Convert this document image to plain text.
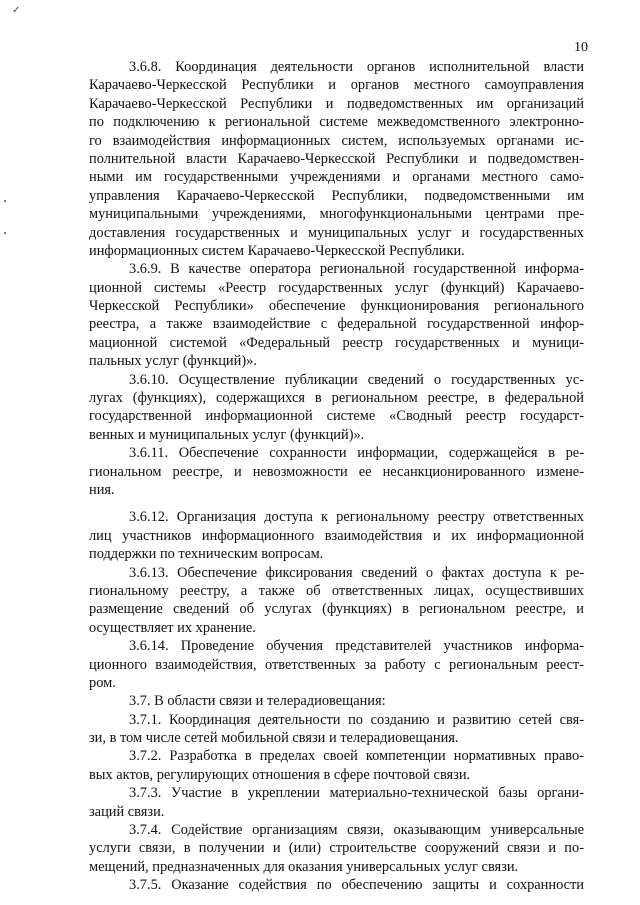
✓
10
3.6.8. Координация деятельности органов исполнительной власти
Карачаево-Черкесской Республики и органов местного самоуправления
Карачаево-Черкесской Республики и подведомственных им организаций
по подключению к региональной системе межведомственного электронно-
го взаимодействия информационных систем, используемых органами ис-
полнительной власти Карачаево-Черкесской Республики и подведомствен-
ными им государственными учреждениями и органами местного само-
управления Карачаево-Черкесской Республики, подведомственными им
муниципальными учреждениями, многофункциональными центрами пре-
доставления государственных и муниципальных услуг и государственных
информационных систем Карачаево-Черкесской Республики.
3.6.9. В качестве оператора региональной государственной информа-
ционной системы «Реестр государственных услуг (функций) Карачаево-
Черкесской Республики» обеспечение функционирования регионального
реестра, а также взаимодействие с федеральной государственной инфор-
мационной системой «Федеральный реестр государственных и муници-
пальных услуг (функций)».
3.6.10. Осуществление публикации сведений о государственных ус-
лугах (функциях), содержащихся в региональном реестре, в федеральной
государственной информационной системе «Сводный реестр государст-
венных и муниципальных услуг (функций)».
3.6.11. Обеспечение сохранности информации, содержащейся в ре-
гиональном реестре, и невозможности ее несанкционированного измене-
ния.
3.6.12. Организация доступа к региональному реестру ответственных
лиц участников информационного взаимодействия и их информационной
поддержки по техническим вопросам.
3.6.13. Обеспечение фиксирования сведений о фактах доступа к ре-
гиональному реестру, а также об ответственных лицах, осуществивших
размещение сведений об услугах (функциях) в региональном реестре, и
осуществляет их хранение.
3.6.14. Проведение обучения представителей участников информа-
ционного взаимодействия, ответственных за работу с региональным реест-
ром.
3.7. В области связи и телерадиовещания:
3.7.1. Координация деятельности по созданию и развитию сетей свя-
зи, в том числе сетей мобильной связи и телерадиовещания.
3.7.2. Разработка в пределах своей компетенции нормативных право-
вых актов, регулирующих отношения в сфере почтовой связи.
3.7.3. Участие в укреплении материально-технической базы органи-
заций связи.
3.7.4. Содействие организациям связи, оказывающим универсальные
услуги связи, в получении и (или) строительстве сооружений связи и по-
мещений, предназначенных для оказания универсальных услуг связи.
3.7.5. Оказание содействия по обеспечению защиты и сохранности
